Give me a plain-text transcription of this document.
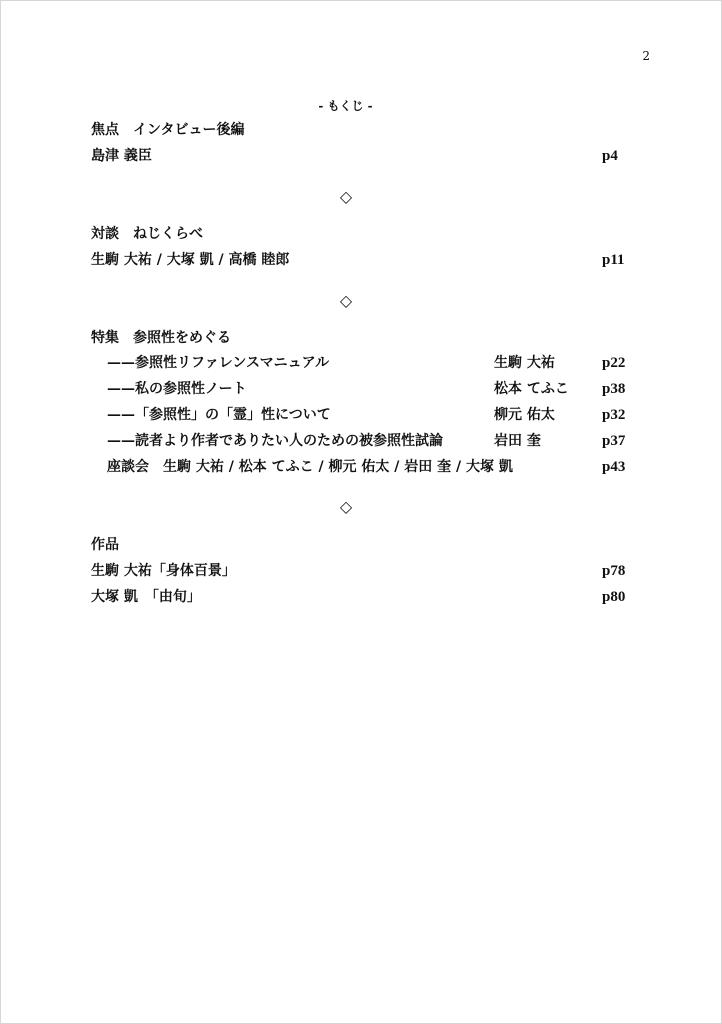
2
- もくじ -
焦点　インタビュー後編
島津 義臣	p4
◇
対談　ねじくらべ
生駒 大祐 / 大塚 凱 / 高橋 睦郎	p11
◇
特集　参照性をめぐる
——参照性リファレンスマニュアル	生駒 大祐	p22
——私の参照性ノート	松本 てふこ p38
——「参照性」の「霊」性について	柳元 佑太	p32
——読者より作者でありたい人のための被参照性試論	岩田 奎	p37
座談会　生駒 大祐 / 松本 てふこ / 柳元 佑太 / 岩田 奎 / 大塚 凱	p43
◇
作品
生駒 大祐「身体百景」	p78
大塚 凱　「由旬」	p80
